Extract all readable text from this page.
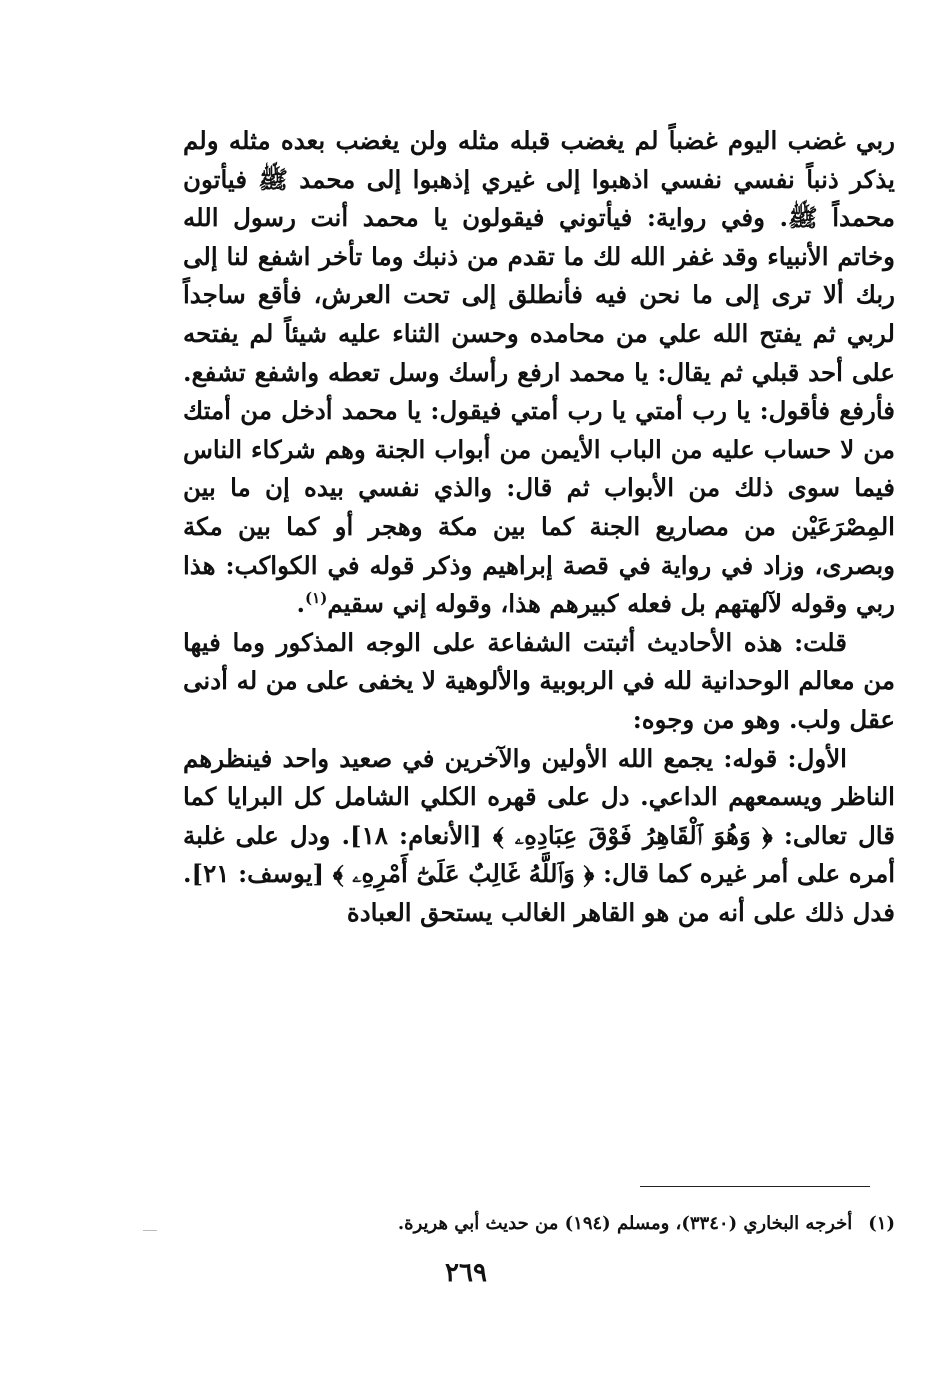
ربي غضب اليوم غضباً لم يغضب قبله مثله ولن يغضب بعده مثله ولم يذكر ذنباً نفسي نفسي اذهبوا إلى غيري إذهبوا إلى محمد ﷺ فيأتون محمداً ﷺ. وفي رواية: فيأتوني فيقولون يا محمد أنت رسول الله وخاتم الأنبياء وقد غفر الله لك ما تقدم من ذنبك وما تأخر اشفع لنا إلى ربك ألا ترى إلى ما نحن فيه فأنطلق إلى تحت العرش، فأقع ساجداً لربي ثم يفتح الله علي من محامده وحسن الثناء عليه شيئاً لم يفتحه على أحد قبلي ثم يقال: يا محمد ارفع رأسك وسل تعطه واشفع تشفع. فأرفع فأقول: يا رب أمتي يا رب أمتي فيقول: يا محمد أدخل من أمتك من لا حساب عليه من الباب الأيمن من أبواب الجنة وهم شركاء الناس فيما سوى ذلك من الأبواب ثم قال: والذي نفسي بيده إن ما بين المِصْرَعَيْن من مصاريع الجنة كما بين مكة وهجر أو كما بين مكة وبصرى، وزاد في رواية في قصة إبراهيم وذكر قوله في الكواكب: هذا ربي وقوله لآلهتهم بل فعله كبيرهم هذا، وقوله إني سقيم$^{(١)}$.

قلت: هذه الأحاديث أثبتت الشفاعة على الوجه المذكور وما فيها من معالم الوحدانية لله في الربوبية والألوهية لا يخفى على من له أدنى عقل ولب. وهو من وجوه:

الأول: قوله: يجمع الله الأولين والآخرين في صعيد واحد فينظرهم الناظر ويسمعهم الداعي. دل على قهره الكلي الشامل كل البرايا كما قال تعالى: ﴿ وَهُوَ ٱلْقَاهِرُ فَوْقَ عِبَادِهِۦ ﴾ [الأنعام: ١٨]. ودل على غلبة أمره على أمر غيره كما قال: ﴿ وَٱللَّهُ غَالِبٌ عَلَىٰٓ أَمْرِهِۦ ﴾ [يوسف: ٢١]. فدل ذلك على أنه من هو القاهر الغالب يستحق العبادة

(١)أخرجه البخاري (٣٣٤٠)، ومسلم (١٩٤) من حديث أبي هريرة.
٢٦٩
